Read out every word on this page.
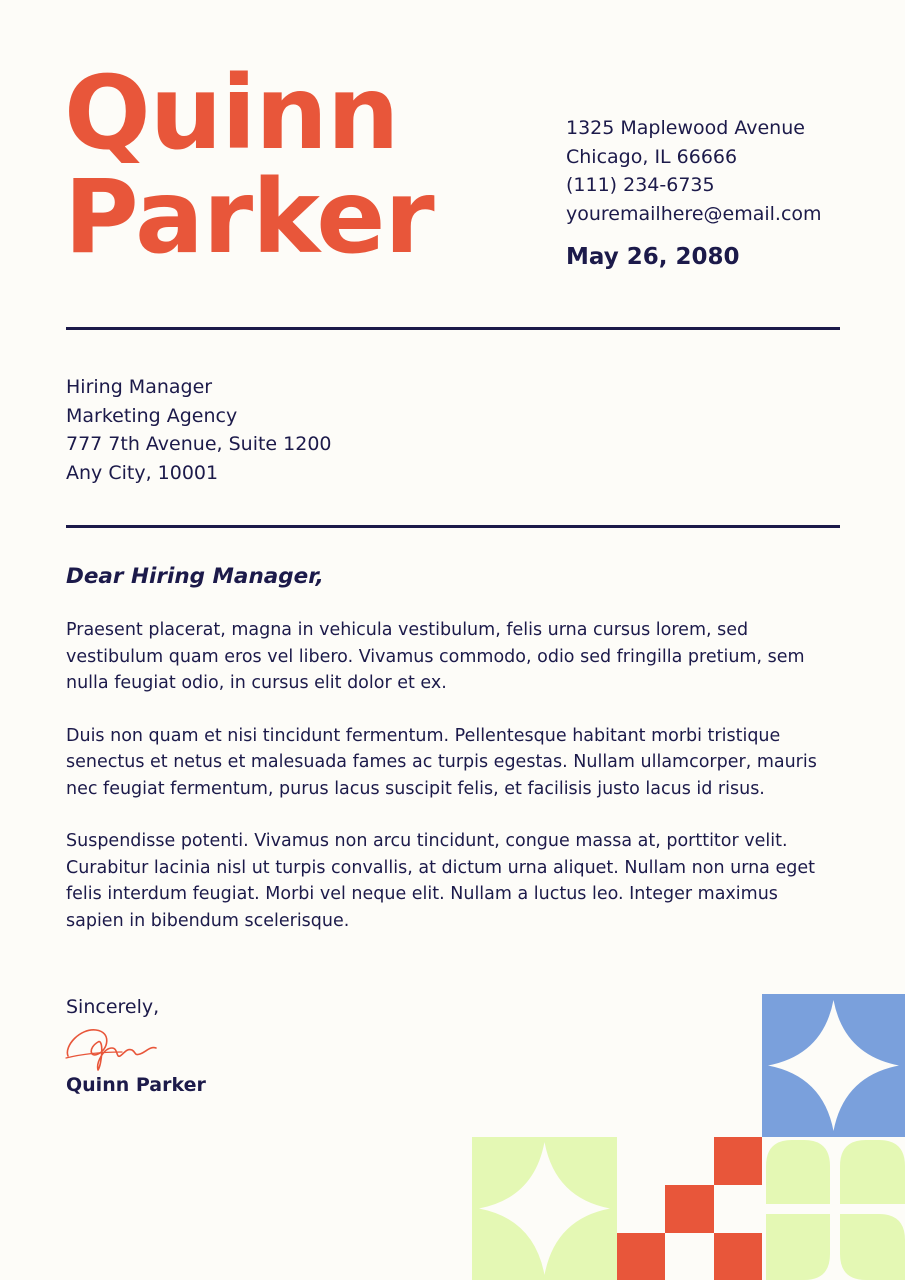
Quinn
Parker
1325 Maplewood Avenue
Chicago, IL 66666
(111) 234-6735
youremailhere@email.com
May 26, 2080
Hiring Manager
Marketing Agency
777 7th Avenue, Suite 1200
Any City, 10001

Dear Hiring Manager,

Praesent placerat, magna in vehicula vestibulum, felis urna cursus lorem, sed vestibulum quam eros vel libero. Vivamus commodo, odio sed fringilla pretium, sem nulla feugiat odio, in cursus elit dolor et ex.

Duis non quam et nisi tincidunt fermentum. Pellentesque habitant morbi tristique senectus et netus et malesuada fames ac turpis egestas. Nullam ullamcorper, mauris nec feugiat fermentum, purus lacus suscipit felis, et facilisis justo lacus id risus.

Suspendisse potenti. Vivamus non arcu tincidunt, congue massa at, porttitor velit. Curabitur lacinia nisl ut turpis convallis, at dictum urna aliquet. Nullam non urna eget felis interdum feugiat. Morbi vel neque elit. Nullam a luctus leo. Integer maximus sapien in bibendum scelerisque.

Sincerely,
Quinn Parker
